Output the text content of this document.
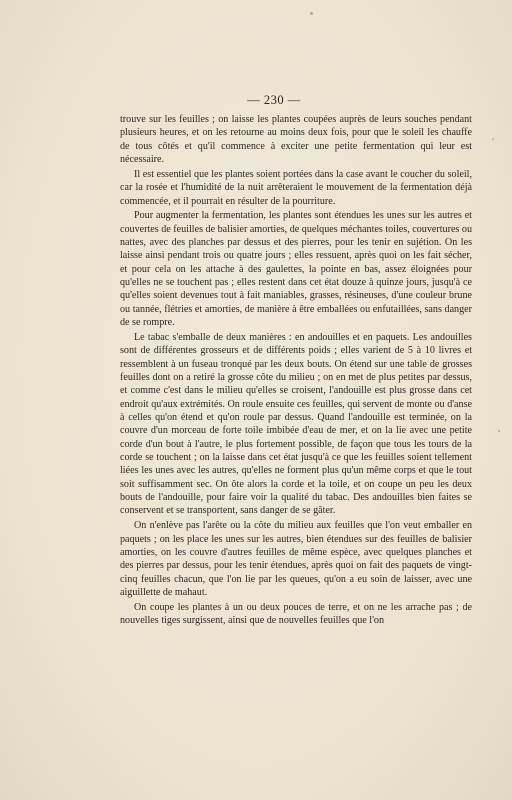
— 230 —

trouve sur les feuilles ; on laisse les plantes coupées auprès de leurs souches pendant plusieurs heures, et on les retourne au moins deux fois, pour que le soleil les chauffe de tous côtés et qu'il commence à exciter une petite fermentation qui leur est nécessaire.

Il est essentiel que les plantes soient portées dans la case avant le coucher du soleil, car la rosée et l'humidité de la nuit arrêteraient le mouvement de la fermentation déjà commencée, et il pourrait en résulter de la pourriture.

Pour augmenter la fermentation, les plantes sont étendues les unes sur les autres et couvertes de feuilles de balisier amorties, de quelques méchantes toiles, couvertures ou nattes, avec des planches par dessus et des pierres, pour les tenir en sujétion. On les laisse ainsi pendant trois ou quatre jours ; elles ressuent, après quoi on les fait sécher, et pour cela on les attache à des gaulettes, la pointe en bas, assez éloignées pour qu'elles ne se touchent pas ; elles restent dans cet état douze à quinze jours, jusqu'à ce qu'elles soient devenues tout à fait maniables, grasses, résineuses, d'une couleur brune ou tannée, flétries et amorties, de manière à être emballées ou enfutaillées, sans danger de se rompre.

Le tabac s'emballe de deux manières : en andouilles et en paquets. Les andouilles sont de différentes grosseurs et de différents poids ; elles varient de 5 à 10 livres et ressemblent à un fuseau tronqué par les deux bouts. On étend sur une table de grosses feuilles dont on a retiré la grosse côte du milieu ; on en met de plus petites par dessus, et comme c'est dans le milieu qu'elles se croisent, l'andouille est plus grosse dans cet endroit qu'aux extrémités. On roule ensuite ces feuilles, qui servent de monte ou d'anse à celles qu'on étend et qu'on roule par dessus. Quand l'andouille est terminée, on la couvre d'un morceau de forte toile imbibée d'eau de mer, et on la lie avec une petite corde d'un bout à l'autre, le plus fortement possible, de façon que tous les tours de la corde se touchent ; on la laisse dans cet état jusqu'à ce que les feuilles soient tellement liées les unes avec les autres, qu'elles ne forment plus qu'un même corps et que le tout soit suffisamment sec. On ôte alors la corde et la toile, et on coupe un peu les deux bouts de l'andouille, pour faire voir la qualité du tabac. Des andouilles bien faites se conservent et se transportent, sans danger de se gâter.

On n'enlève pas l'arête ou la côte du milieu aux feuilles que l'on veut emballer en paquets ; on les place les unes sur les autres, bien étendues sur des feuilles de balisier amorties, on les couvre d'autres feuilles de même espèce, avec quelques planches et des pierres par dessus, pour les tenir étendues, après quoi on fait des paquets de vingt-cinq feuilles chacun, que l'on lie par les queues, qu'on a eu soin de laisser, avec une aiguillette de mahaut.

On coupe les plantes à un ou deux pouces de terre, et on ne les arrache pas ; de nouvelles tiges surgissent, ainsi que de nouvelles feuilles que l'on
